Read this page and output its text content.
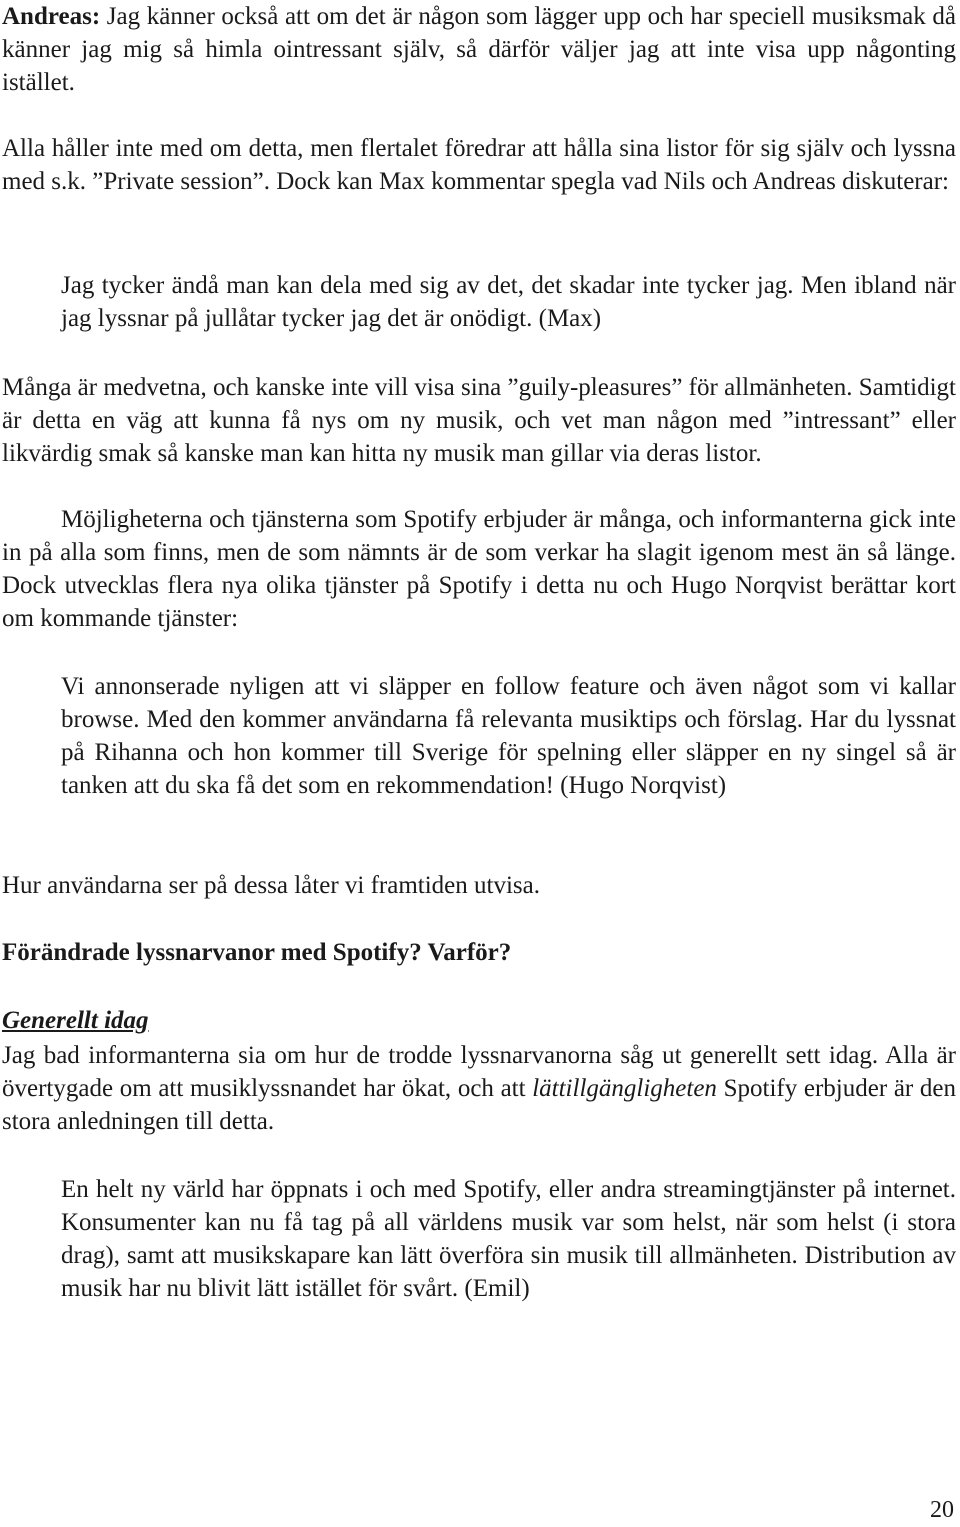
Andreas: Jag känner också att om det är någon som lägger upp och har speciell musiksmak då känner jag mig så himla ointressant själv, så därför väljer jag att inte visa upp någonting istället.

Alla håller inte med om detta, men flertalet föredrar att hålla sina listor för sig själv och lyssna med s.k. ”Private session”. Dock kan Max kommentar spegla vad Nils och Andreas diskuterar:

Jag tycker ändå man kan dela med sig av det, det skadar inte tycker jag. Men ibland när jag lyssnar på jullåtar tycker jag det är onödigt. (Max)

Många är medvetna, och kanske inte vill visa sina ”guily-pleasures” för allmänheten. Samtidigt är detta en väg att kunna få nys om ny musik, och vet man någon med ”intressant” eller likvärdig smak så kanske man kan hitta ny musik man gillar via deras listor.

Möjligheterna och tjänsterna som Spotify erbjuder är många, och informanterna gick inte in på alla som finns, men de som nämnts är de som verkar ha slagit igenom mest än så länge. Dock utvecklas flera nya olika tjänster på Spotify i detta nu och Hugo Norqvist berättar kort om kommande tjänster:

Vi annonserade nyligen att vi släpper en follow feature och även något som vi kallar browse. Med den kommer användarna få relevanta musiktips och förslag. Har du lyssnat på Rihanna och hon kommer till Sverige för spelning eller släpper en ny singel så är tanken att du ska få det som en rekommendation! (Hugo Norqvist)

Hur användarna ser på dessa låter vi framtiden utvisa.

Förändrade lyssnarvanor med Spotify? Varför?

Generellt idag

Jag bad informanterna sia om hur de trodde lyssnarvanorna såg ut generellt sett idag. Alla är övertygade om att musiklyssnandet har ökat, och att lättillgängligheten Spotify erbjuder är den stora anledningen till detta.

En helt ny värld har öppnats i och med Spotify, eller andra streamingtjänster på internet. Konsumenter kan nu få tag på all världens musik var som helst, när som helst (i stora drag), samt att musikskapare kan lätt överföra sin musik till allmänheten. Distribution av musik har nu blivit lätt istället för svårt. (Emil)

20
